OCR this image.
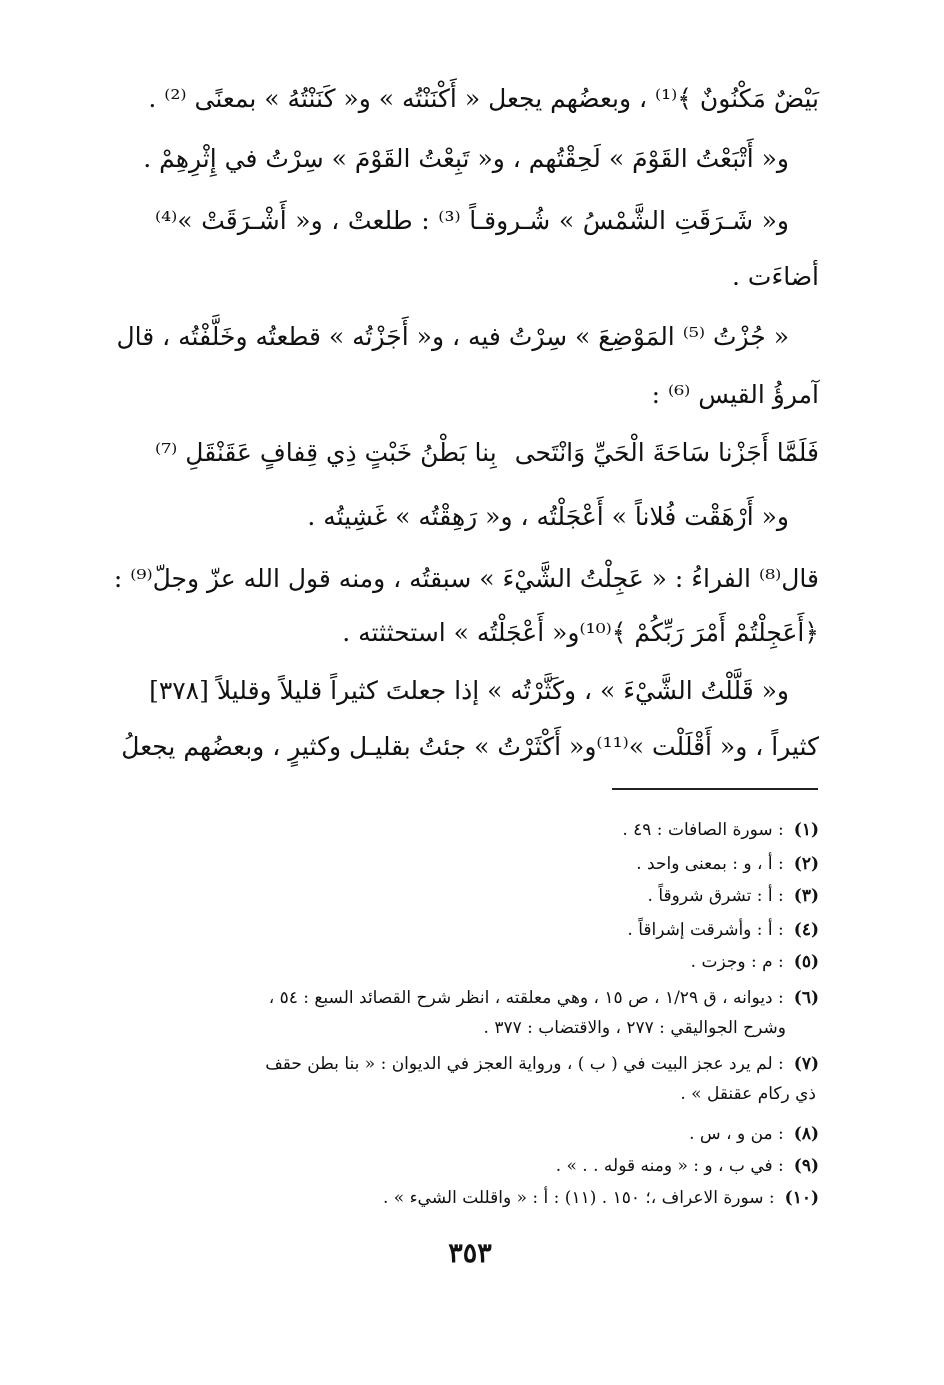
بَيْضٌ مَكْنُونٌ ﴾⁽¹⁾ ، وبعضُهم يجعل « أَكْنَنْتُه » و« كَنَنْتُهُ » بمعنًى ⁽²⁾ .
و« أَتْبَعْتُ القَوْمَ » لَحِقْتُهم ، و« تَبِعْتُ القَوْمَ » سِرْتُ في إِثْرِهِمْ .
و« شَـرَقَتِ الشَّمْسُ » شُـروقـاً ⁽³⁾ : طلعتْ ، و« أَشْـرَقَتْ »⁽⁴⁾
أضاءَت .
« جُزْتُ ⁽⁵⁾ المَوْضِعَ » سِرْتُ فيه ، و« أَجَزْتُه » قطعتُه وخَلَّفْتُه ، قال
آمرؤُ القيس ⁽⁶⁾ :
فَلَمَّا أَجَزْنا سَاحَةَ الْحَيِّ وَانْتَحى
بِنا بَطْنُ خَبْتٍ ذِي قِفافٍ عَقَنْقَلِ ⁽⁷⁾
و« أَرْهَقْت فُلاناً » أَعْجَلْتُه ، و« رَهِقْتُه » غَشِيتُه .
قال⁽⁸⁾ الفراءُ : « عَجِلْتُ الشَّيْءَ » سبقتُه ، ومنه قول الله عزّ وجلّ⁽⁹⁾ :
﴿أَعَجِلْتُمْ أَمْرَ رَبِّكُمْ ﴾⁽¹⁰⁾و« أَعْجَلْتُه » استحثثته .
و« قَلَّلْتُ الشَّيْءَ » ، وكَثَّرْتُه » إذا جعلتَ كثيراً قليلاً وقليلاً [٣٧٨]
كثيراً ، و« أَقْلَلْت »⁽¹¹⁾و« أَكْثَرْتُ » جئتُ بقليـل وكثيرٍ ، وبعضُهم يجعلُ
(١): سورة الصافات : ٤٩ .
(٢): أ ، و : بمعنى واحد .
(٣): أ : تشرق شروقاً .
(٤): أ : وأشرقت إشراقاً .
(٥): م : وجزت .
(٦): ديوانه ، ق ١/٢٩ ، ص ١٥ ، وهي معلقته ، انظر شرح القصائد السبع : ٥٤ ،
وشرح الجواليقي : ٢٧٧ ، والاقتضاب : ٣٧٧ .
(٧): لم يرد عجز البيت في ( ب ) ، ورواية العجز في الديوان : « بنا بطن حقف
ذي ركام عقنقل » .
(٨): من و ، س .
(٩): في ب ، و : « ومنه قوله . . » .
(١٠): سورة الاعراف ،؛ ١٥٠ . (١١) : أ : « واقللت الشيء » .
٣٥٣
